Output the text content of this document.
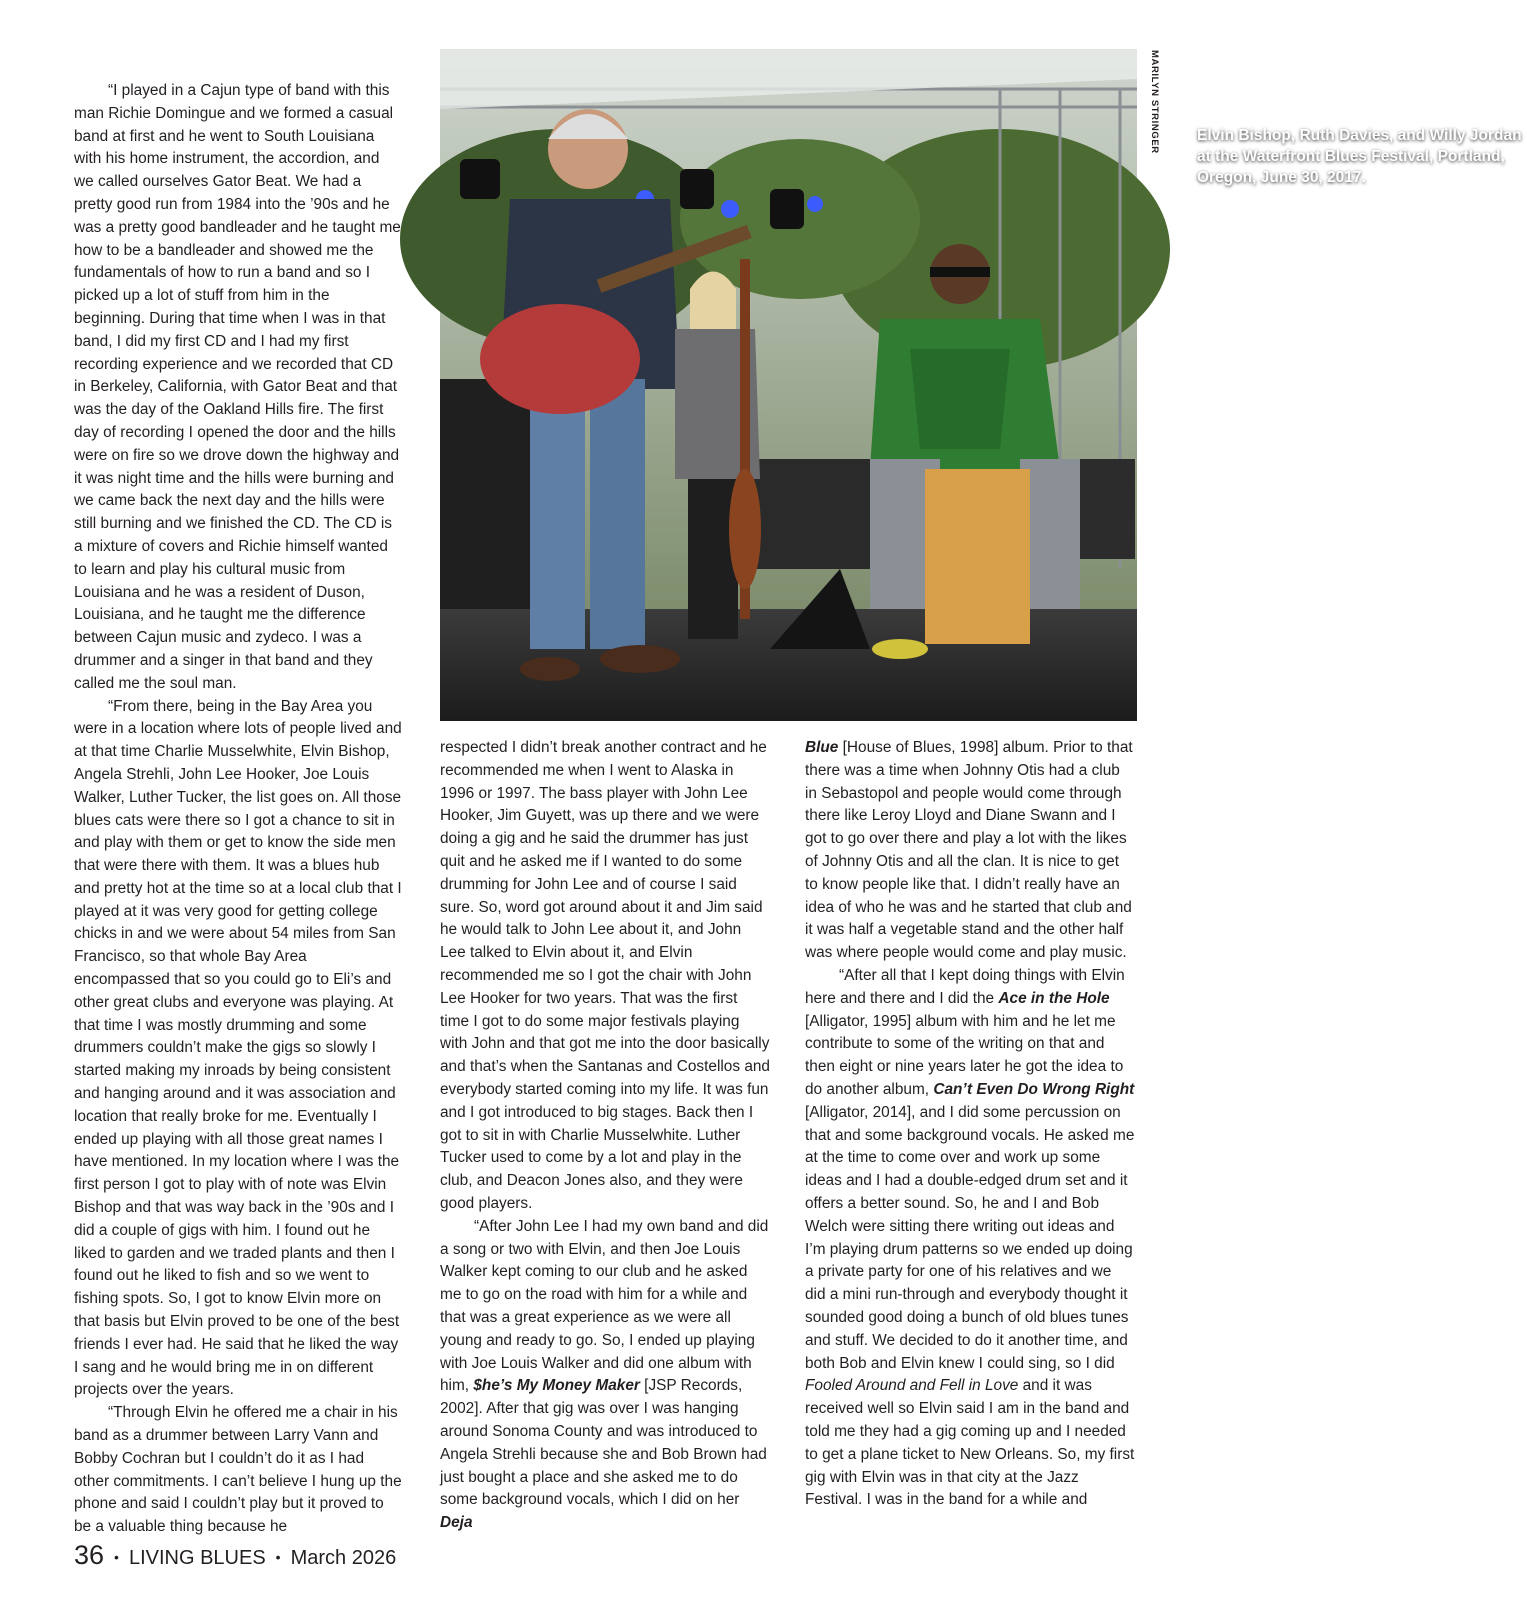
“I played in a Cajun type of band with this man Richie Domingue and we formed a casual band at first and he went to South Louisiana with his home instrument, the accordion, and we called ourselves Gator Beat. We had a pretty good run from 1984 into the ’90s and he was a pretty good bandleader and he taught me how to be a bandleader and showed me the fundamentals of how to run a band and so I picked up a lot of stuff from him in the beginning. During that time when I was in that band, I did my first CD and I had my first recording experience and we recorded that CD in Berkeley, California, with Gator Beat and that was the day of the Oakland Hills fire. The first day of recording I opened the door and the hills were on fire so we drove down the highway and it was night time and the hills were burning and we came back the next day and the hills were still burning and we finished the CD. The CD is a mixture of covers and Richie himself wanted to learn and play his cultural music from Louisiana and he was a resident of Duson, Louisiana, and he taught me the difference between Cajun music and zydeco. I was a drummer and a singer in that band and they called me the soul man.

“From there, being in the Bay Area you were in a location where lots of people lived and at that time Charlie Musselwhite, Elvin Bishop, Angela Strehli, John Lee Hooker, Joe Louis Walker, Luther Tucker, the list goes on. All those blues cats were there so I got a chance to sit in and play with them or get to know the side men that were there with them. It was a blues hub and pretty hot at the time so at a local club that I played at it was very good for getting college chicks in and we were about 54 miles from San Francisco, so that whole Bay Area encompassed that so you could go to Eli’s and other great clubs and everyone was playing. At that time I was mostly drumming and some drummers couldn’t make the gigs so slowly I started making my inroads by being consistent and hanging around and it was association and location that really broke for me. Eventually I ended up playing with all those great names I have mentioned. In my location where I was the first person I got to play with of note was Elvin Bishop and that was way back in the ’90s and I did a couple of gigs with him. I found out he liked to garden and we traded plants and then I found out he liked to fish and so we went to fishing spots. So, I got to know Elvin more on that basis but Elvin proved to be one of the best friends I ever had. He said that he liked the way I sang and he would bring me in on different projects over the years.

“Through Elvin he offered me a chair in his band as a drummer between Larry Vann and Bobby Cochran but I couldn’t do it as I had other commitments. I can’t believe I hung up the phone and said I couldn’t play but it proved to be a valuable thing because he

Elvin Bishop, Ruth Davies, and Willy Jordan at the Waterfront Blues Festival, Portland, Oregon, June 30, 2017.
MARILYN STRINGER

respected I didn’t break another contract and he recommended me when I went to Alaska in 1996 or 1997. The bass player with John Lee Hooker, Jim Guyett, was up there and we were doing a gig and he said the drummer has just quit and he asked me if I wanted to do some drumming for John Lee and of course I said sure. So, word got around about it and Jim said he would talk to John Lee about it, and John Lee talked to Elvin about it, and Elvin recommended me so I got the chair with John Lee Hooker for two years. That was the first time I got to do some major festivals playing with John and that got me into the door basically and that’s when the Santanas and Costellos and everybody started coming into my life. It was fun and I got introduced to big stages. Back then I got to sit in with Charlie Musselwhite. Luther Tucker used to come by a lot and play in the club, and Deacon Jones also, and they were good players.

“After John Lee I had my own band and did a song or two with Elvin, and then Joe Louis Walker kept coming to our club and he asked me to go on the road with him for a while and that was a great experience as we were all young and ready to go. So, I ended up playing with Joe Louis Walker and did one album with him, $he’s My Money Maker [JSP Records, 2002]. After that gig was over I was hanging around Sonoma County and was introduced to Angela Strehli because she and Bob Brown had just bought a place and she asked me to do some background vocals, which I did on her Deja

Blue [House of Blues, 1998] album. Prior to that there was a time when Johnny Otis had a club in Sebastopol and people would come through there like Leroy Lloyd and Diane Swann and I got to go over there and play a lot with the likes of Johnny Otis and all the clan. It is nice to get to know people like that. I didn’t really have an idea of who he was and he started that club and it was half a vegetable stand and the other half was where people would come and play music.

“After all that I kept doing things with Elvin here and there and I did the Ace in the Hole [Alligator, 1995] album with him and he let me contribute to some of the writing on that and then eight or nine years later he got the idea to do another album, Can’t Even Do Wrong Right [Alligator, 2014], and I did some percussion on that and some background vocals. He asked me at the time to come over and work up some ideas and I had a double-edged drum set and it offers a better sound. So, he and I and Bob Welch were sitting there writing out ideas and I’m playing drum patterns so we ended up doing a private party for one of his relatives and we did a mini run-through and everybody thought it sounded good doing a bunch of old blues tunes and stuff. We decided to do it another time, and both Bob and Elvin knew I could sing, so I did Fooled Around and Fell in Love and it was received well so Elvin said I am in the band and told me they had a gig coming up and I needed to get a plane ticket to New Orleans. So, my first gig with Elvin was in that city at the Jazz Festival. I was in the band for a while and

36 • LIVING BLUES • March 2026
